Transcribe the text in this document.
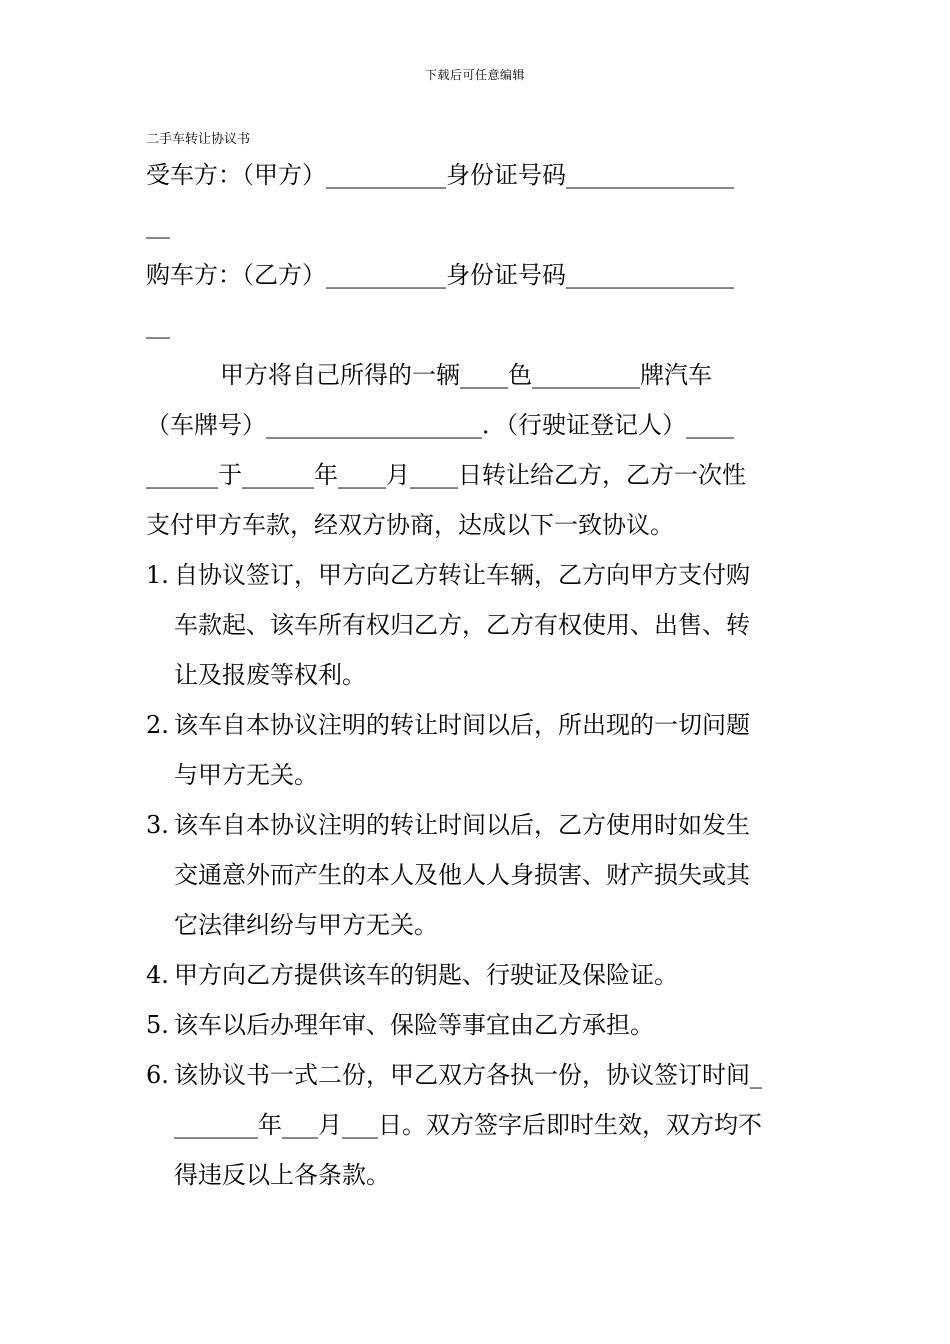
下载后可任意编辑
二手车转让协议书
受车方：（甲方）__________身份证号码______________
__
购车方：（乙方）__________身份证号码______________
__
甲方将自己所得的一辆____色_________牌汽车
（车牌号）__________________．（行驶证登记人）____
______于______年____月____日转让给乙方，乙方一次性
支付甲方车款，经双方协商，达成以下一致协议。
1. 自协议签订，甲方向乙方转让车辆，乙方向甲方支付购
车款起、该车所有权归乙方，乙方有权使用、出售、转
让及报废等权利。
2. 该车自本协议注明的转让时间以后，所出现的一切问题
与甲方无关。
3. 该车自本协议注明的转让时间以后，乙方使用时如发生
交通意外而产生的本人及他人人身损害、财产损失或其
它法律纠纷与甲方无关。
4. 甲方向乙方提供该车的钥匙、行驶证及保险证。
5. 该车以后办理年审、保险等事宜由乙方承担。
6. 该协议书一式二份，甲乙双方各执一份，协议签订时间_
_______年___月___日。双方签字后即时生效，双方均不
得违反以上各条款。
